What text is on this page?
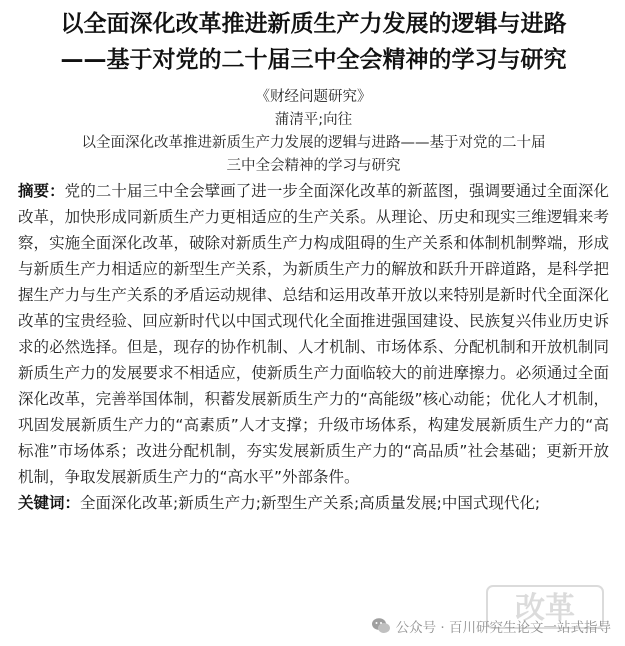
以全面深化改革推进新质生产力发展的逻辑与进路
——基于对党的二十届三中全会精神的学习与研究

《财经问题研究》

蒲清平;向往

以全面深化改革推进新质生产力发展的逻辑与进路——基于对党的二十届

三中全会精神的学习与研究

摘要：党的二十届三中全会擘画了进一步全面深化改革的新蓝图，强调要通过全面深化改革，加快形成同新质生产力更相适应的生产关系。从理论、历史和现实三维逻辑来考察，实施全面深化改革，破除对新质生产力构成阻碍的生产关系和体制机制弊端，形成与新质生产力相适应的新型生产关系，为新质生产力的解放和跃升开辟道路，是科学把握生产力与生产关系的矛盾运动规律、总结和运用改革开放以来特别是新时代全面深化改革的宝贵经验、回应新时代以中国式现代化全面推进强国建设、民族复兴伟业历史诉求的必然选择。但是，现存的协作机制、人才机制、市场体系、分配机制和开放机制同新质生产力的发展要求不相适应，使新质生产力面临较大的前进摩擦力。必须通过全面深化改革，完善举国体制，积蓄发展新质生产力的“高能级”核心动能；优化人才机制，巩固发展新质生产力的“高素质”人才支撑；升级市场体系，构建发展新质生产力的“高标准”市场体系；改进分配机制，夯实发展新质生产力的“高品质”社会基础；更新开放机制，争取发展新质生产力的“高水平”外部条件。

关键词：全面深化改革;新质生产力;新型生产关系;高质量发展;中国式现代化;

改革
公众号 · 百川研究生论文一站式指导
